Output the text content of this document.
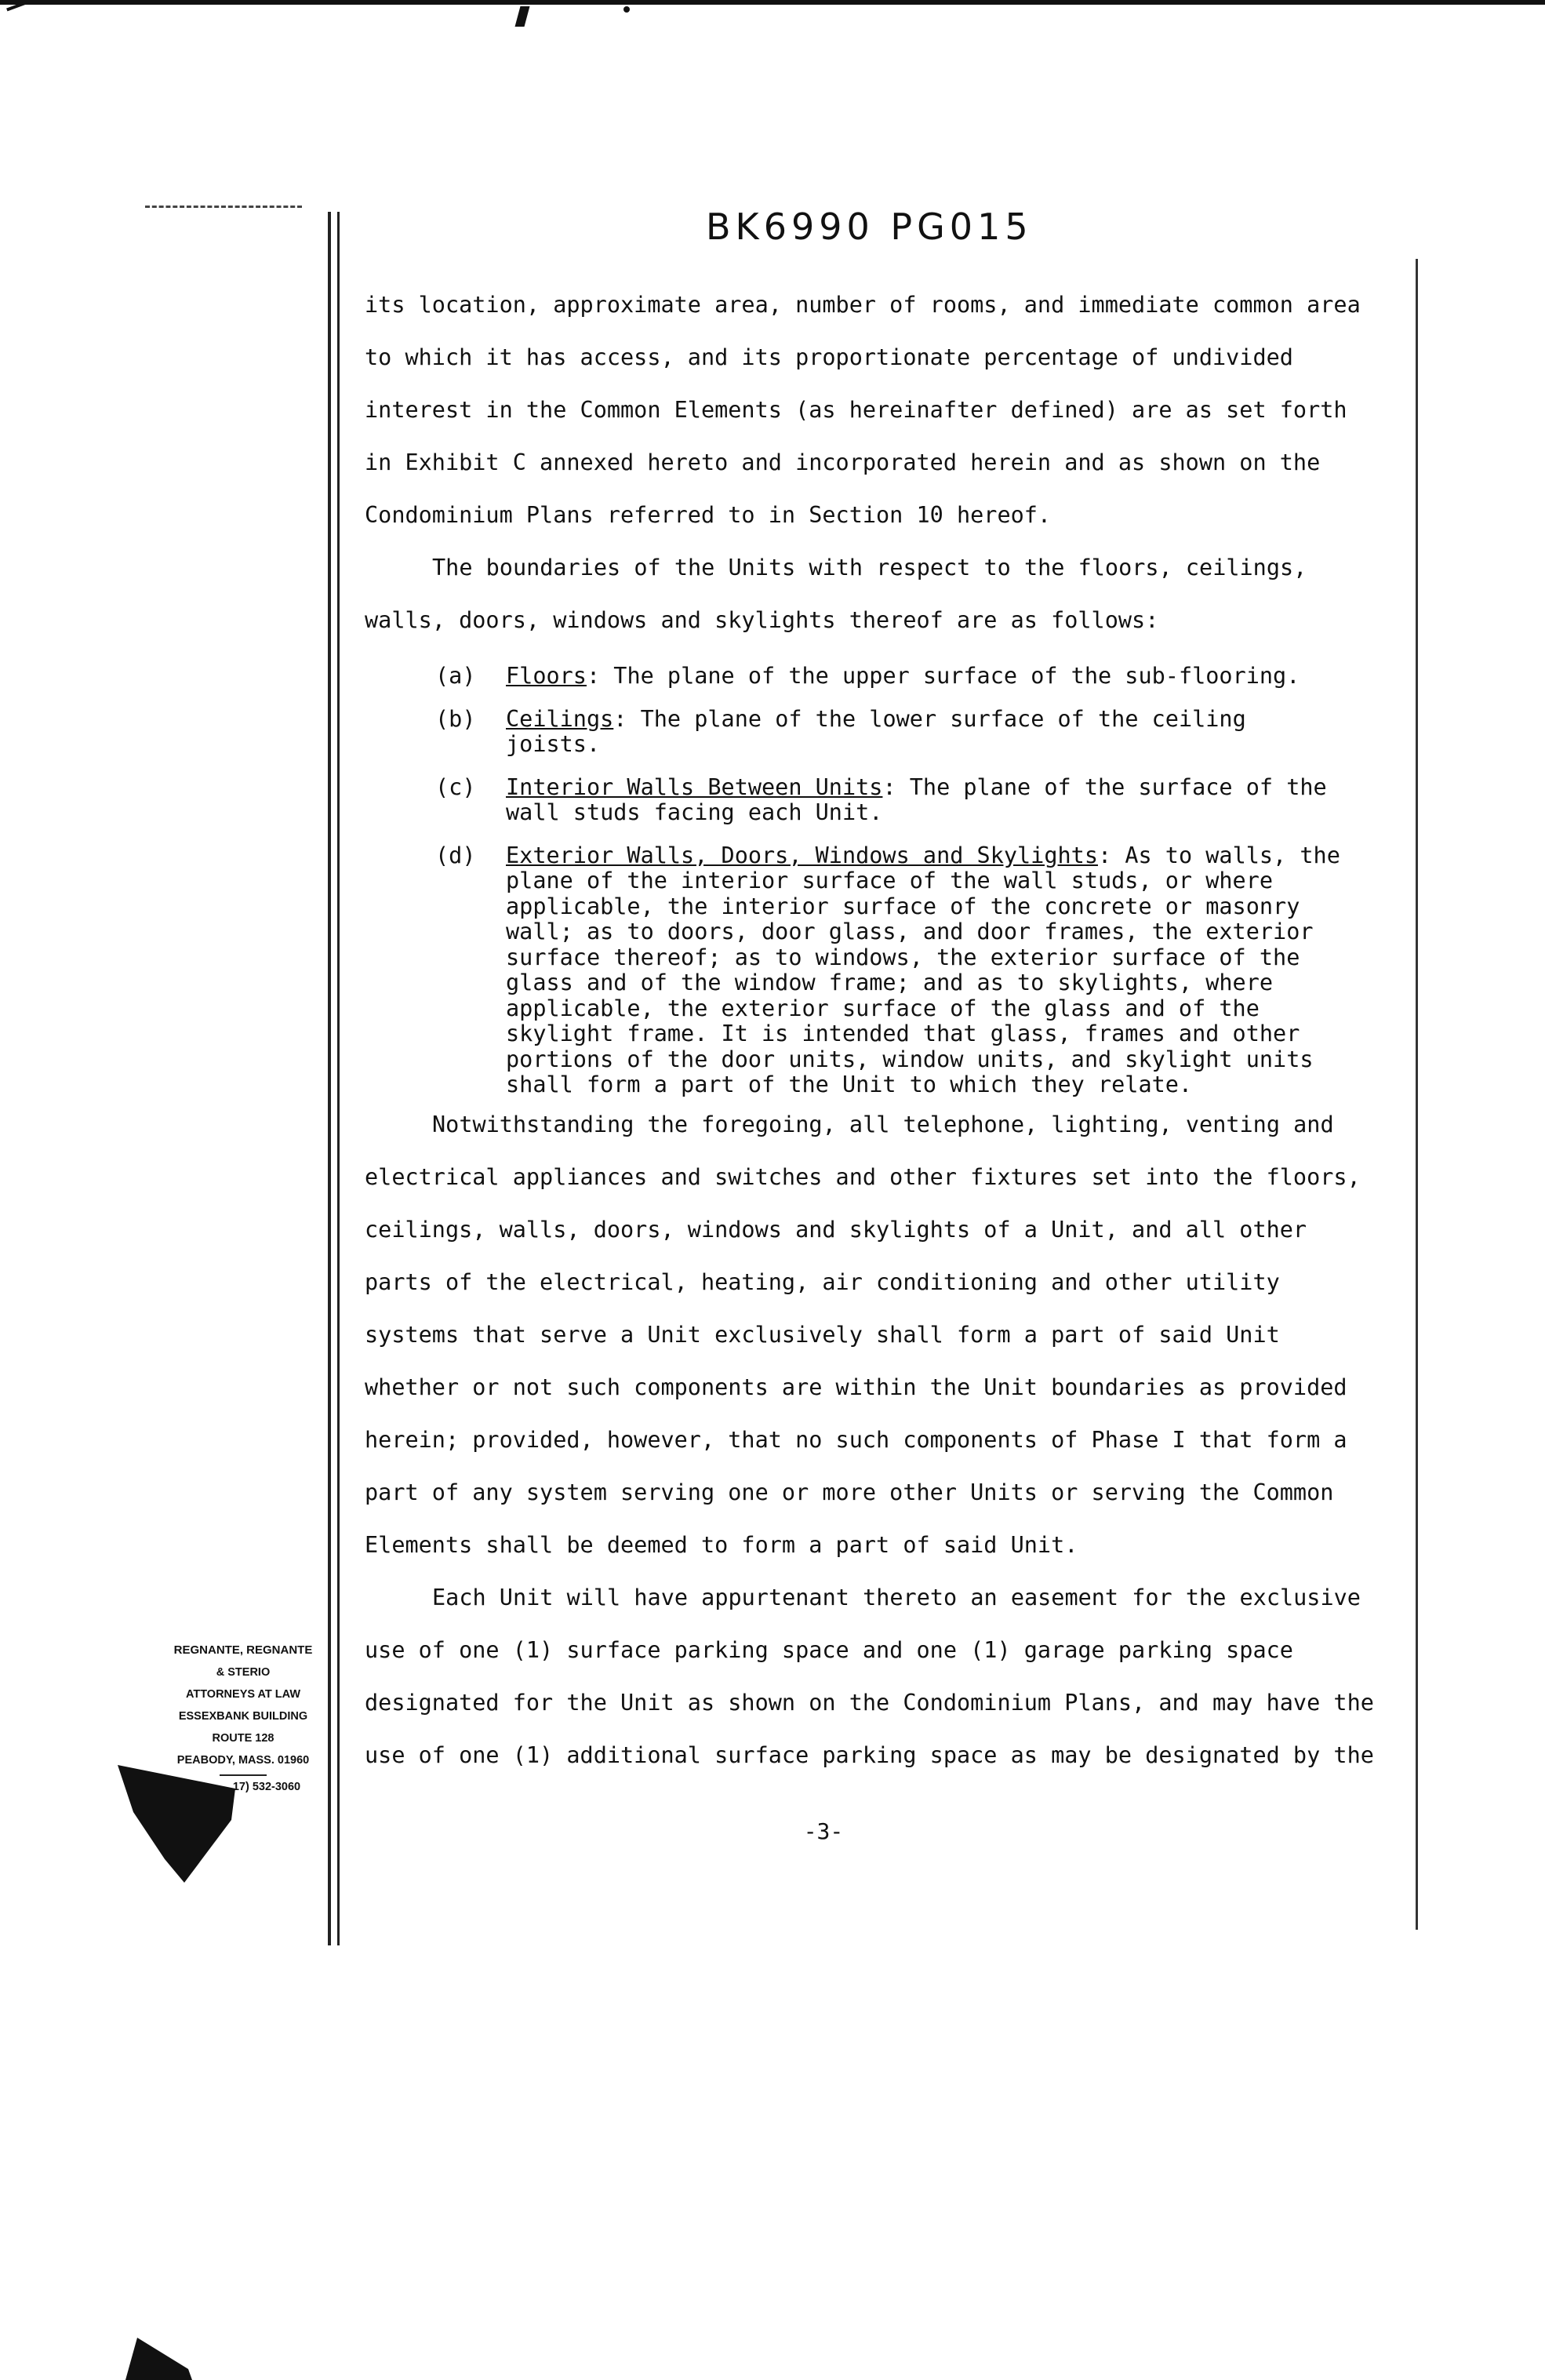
BK6990 PG015

its location, approximate area, number of rooms, and immediate common area to which it has access, and its proportionate percentage of undivided interest in the Common Elements (as hereinafter defined) are as set forth in Exhibit C annexed hereto and incorporated herein and as shown on the Condominium Plans referred to in Section 10 hereof.

The boundaries of the Units with respect to the floors, ceilings, walls, doors, windows and skylights thereof are as follows:

(a)	Floors: The plane of the upper surface of the sub-flooring.
(b)	Ceilings: The plane of the lower surface of the ceiling joists.
(c)	Interior Walls Between Units: The plane of the surface of the wall studs facing each Unit.
(d)	Exterior Walls, Doors, Windows and Skylights: As to walls, the plane of the interior surface of the wall studs, or where applicable, the interior surface of the concrete or masonry wall; as to doors, door glass, and door frames, the exterior surface thereof; as to windows, the exterior surface of the glass and of the window frame; and as to skylights, where applicable, the exterior surface of the glass and of the skylight frame. It is intended that glass, frames and other portions of the door units, window units, and skylight units shall form a part of the Unit to which they relate.

Notwithstanding the foregoing, all telephone, lighting, venting and electrical appliances and switches and other fixtures set into the floors, ceilings, walls, doors, windows and skylights of a Unit, and all other parts of the electrical, heating, air conditioning and other utility systems that serve a Unit exclusively shall form a part of said Unit whether or not such components are within the Unit boundaries as provided herein; provided, however, that no such components of Phase I that form a part of any system serving one or more other Units or serving the Common Elements shall be deemed to form a part of said Unit.

Each Unit will have appurtenant thereto an easement for the exclusive use of one (1) surface parking space and one (1) garage parking space designated for the Unit as shown on the Condominium Plans, and may have the use of one (1) additional surface parking space as may be designated by the

-3-
REGNANTE, REGNANTE
& STERIO
ATTORNEYS AT LAW
ESSEXBANK BUILDING
ROUTE 128
PEABODY, MASS. 01960
17) 532-3060
